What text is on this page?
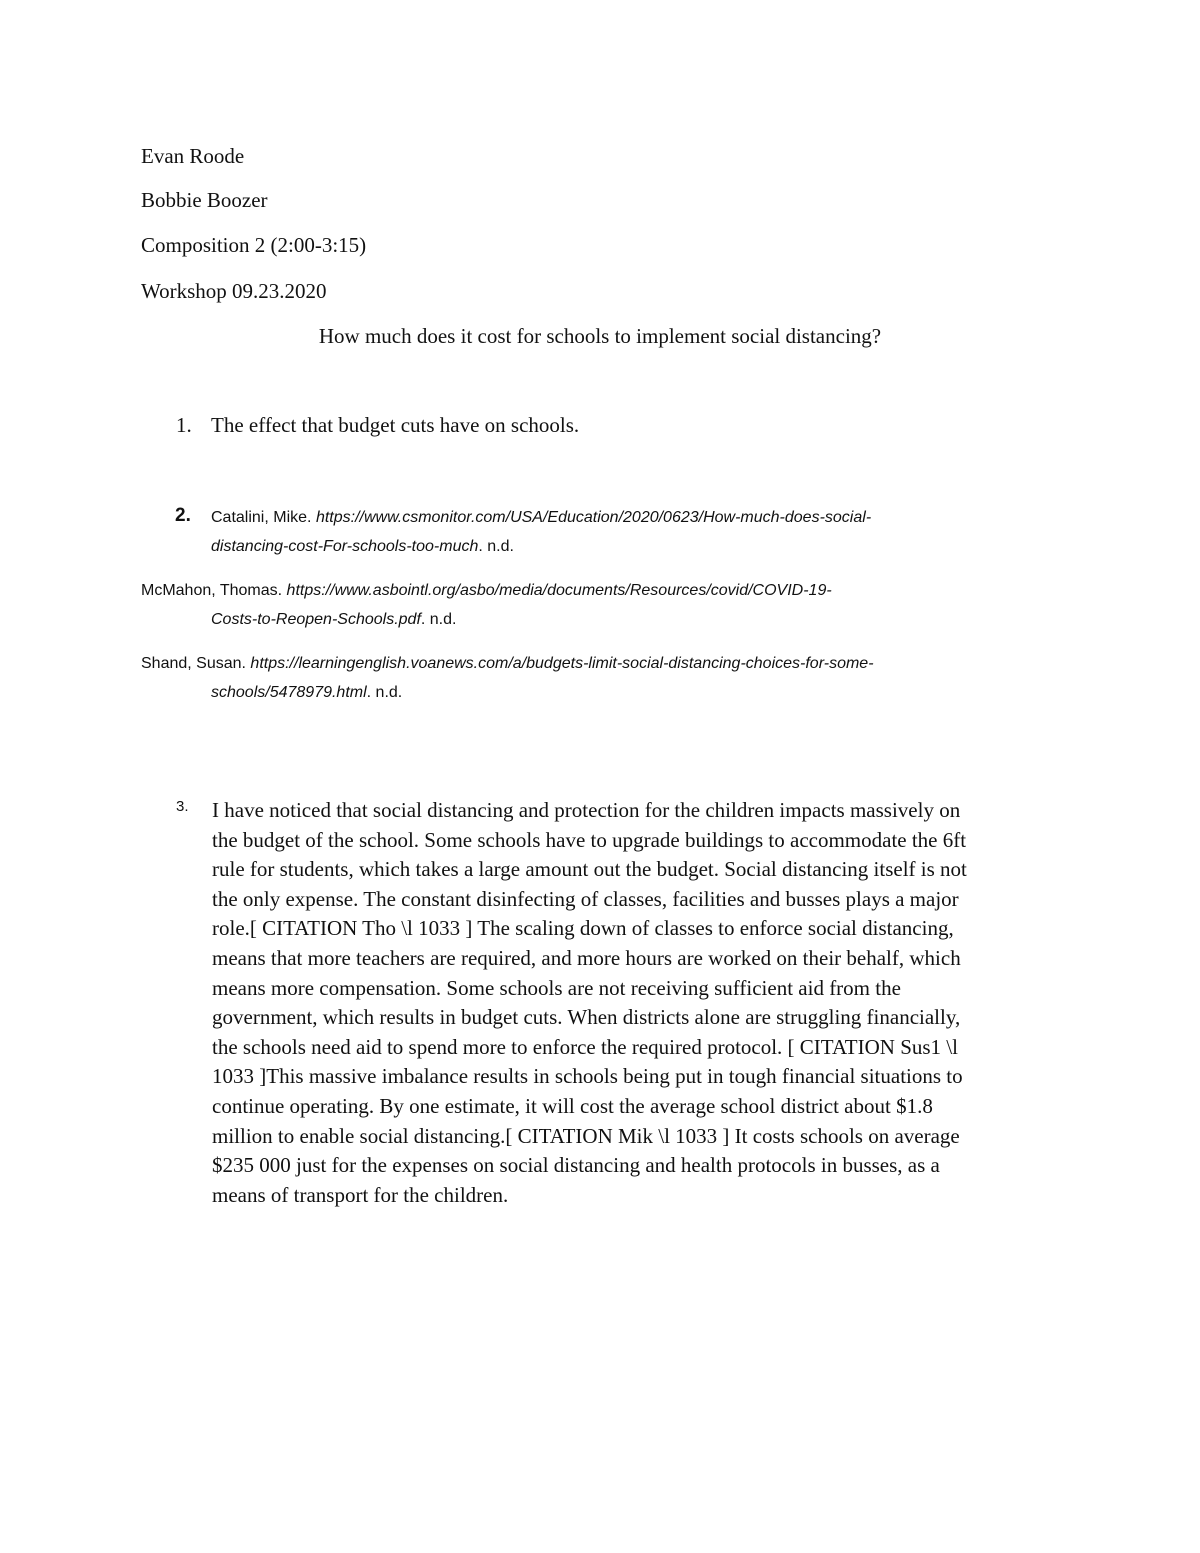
Evan Roode
Bobbie Boozer
Composition 2 (2:00-3:15)
Workshop 09.23.2020
How much does it cost for schools to implement social distancing?
1. The effect that budget cuts have on schools.
2. Catalini, Mike. https://www.csmonitor.com/USA/Education/2020/0623/How-much-does-social-
distancing-cost-For-schools-too-much. n.d.
McMahon, Thomas. https://www.asbointl.org/asbo/media/documents/Resources/covid/COVID-19-
Costs-to-Reopen-Schools.pdf. n.d.
Shand, Susan. https://learningenglish.voanews.com/a/budgets-limit-social-distancing-choices-for-some-
schools/5478979.html. n.d.
3. I have noticed that social distancing and protection for the children impacts massively on
the budget of the school. Some schools have to upgrade buildings to accommodate the 6ft
rule for students, which takes a large amount out the budget. Social distancing itself is not
the only expense. The constant disinfecting of classes, facilities and busses plays a major
role.[ CITATION Tho \l 1033 ] The scaling down of classes to enforce social distancing,
means that more teachers are required, and more hours are worked on their behalf, which
means more compensation. Some schools are not receiving sufficient aid from the
government, which results in budget cuts. When districts alone are struggling financially,
the schools need aid to spend more to enforce the required protocol. [ CITATION Sus1 \l
1033 ]This massive imbalance results in schools being put in tough financial situations to
continue operating. By one estimate, it will cost the average school district about $1.8
million to enable social distancing.[ CITATION Mik \l 1033 ] It costs schools on average
$235 000 just for the expenses on social distancing and health protocols in busses, as a
means of transport for the children.
